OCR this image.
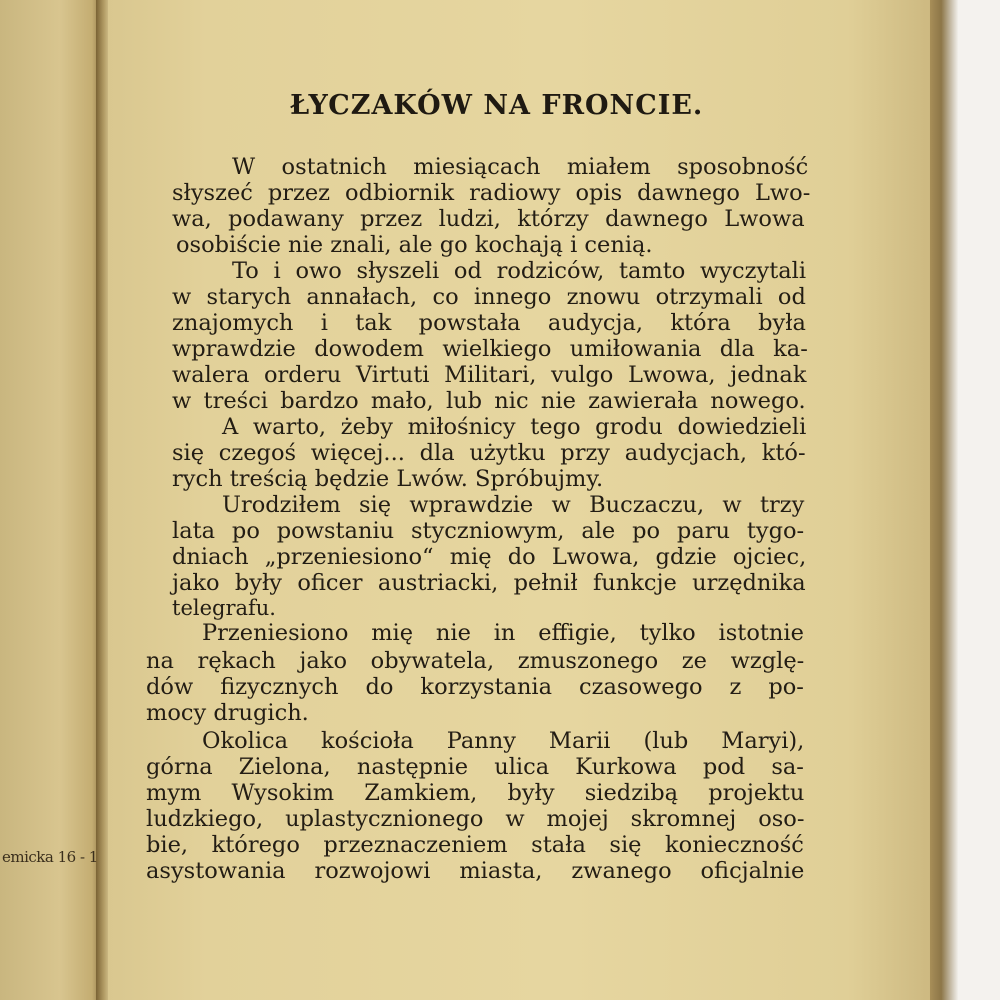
emicka 16 - 1
ŁYCZAKÓW NA FRONCIE.
W ostatnich miesiącach miałem sposobność
słyszeć przez odbiornik radiowy opis dawnego Lwo-
wa, podawany przez ludzi, którzy dawnego Lwowa
osobiście nie znali, ale go kochają i cenią.
To i owo słyszeli od rodziców, tamto wyczytali
w starych annałach, co innego znowu otrzymali od
znajomych i tak powstała audycja, która była
wprawdzie dowodem wielkiego umiłowania dla ka-
walera orderu Virtuti Militari, vulgo Lwowa, jednak
w treści bardzo mało, lub nic nie zawierała nowego.
A warto, żeby miłośnicy tego grodu dowiedzieli
się czegoś więcej... dla użytku przy audycjach, któ-
rych treścią będzie Lwów. Spróbujmy.
Urodziłem się wprawdzie w Buczaczu, w trzy
lata po powstaniu styczniowym, ale po paru tygo-
dniach „przeniesiono“ mię do Lwowa, gdzie ojciec,
jako były oficer austriacki, pełnił funkcje urzędnika
telegrafu.
Przeniesiono mię nie in effigie, tylko istotnie
na rękach jako obywatela, zmuszonego ze wzglę-
dów fizycznych do korzystania czasowego z po-
mocy drugich.
Okolica kościoła Panny Marii (lub Maryi),
górna Zielona, następnie ulica Kurkowa pod sa-
mym Wysokim Zamkiem, były siedzibą projektu
ludzkiego, uplastycznionego w mojej skromnej oso-
bie, którego przeznaczeniem stała się konieczność
asystowania rozwojowi miasta, zwanego oficjalnie
